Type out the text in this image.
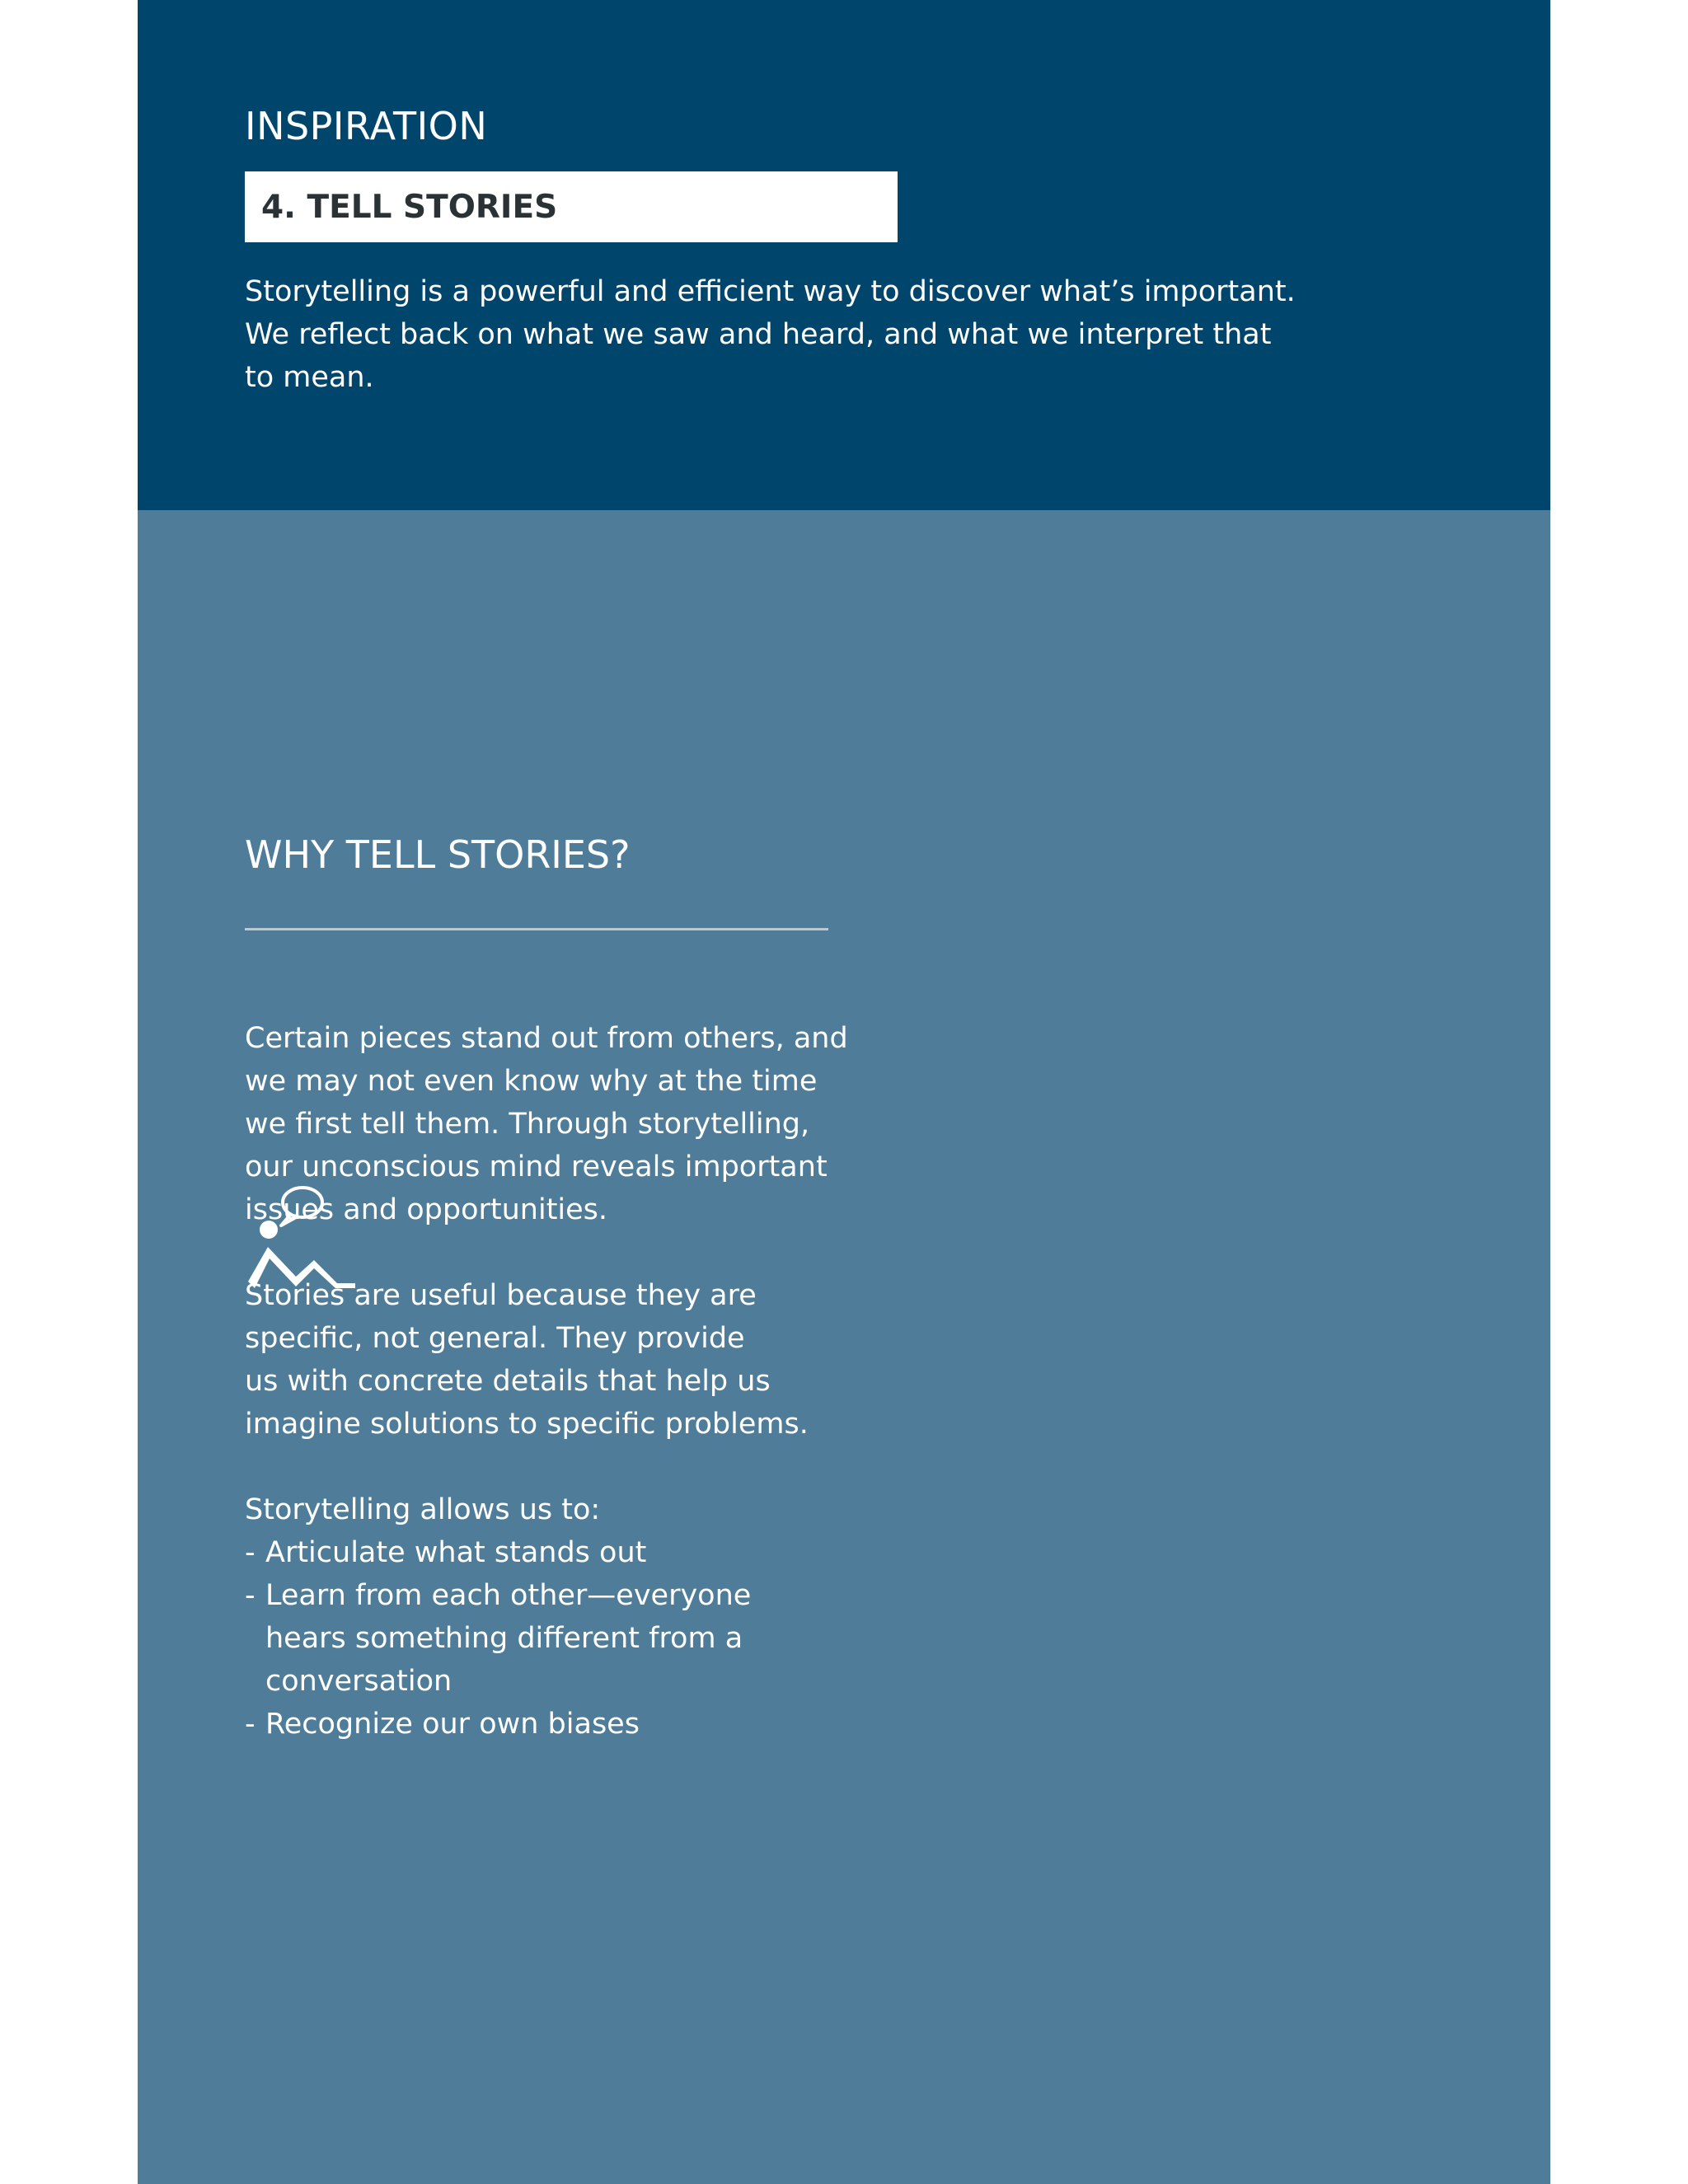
INSPIRATION
4. TELL STORIES

Storytelling is a powerful and efficient way to discover what’s important.

We reflect back on what we saw and heard, and what we interpret that

to mean.

WHY TELL STORIES?

Certain pieces stand out from others, and

we may not even know why at the time

we first tell them. Through storytelling,

our unconscious mind reveals important

issues and opportunities.

Stories are useful because they are

specific, not general. They provide

us with concrete details that help us

imagine solutions to specific problems.

Storytelling allows us to:

- Articulate what stands out

- Learn from each other—everyone

hears something different from a

conversation

- Recognize our own biases
